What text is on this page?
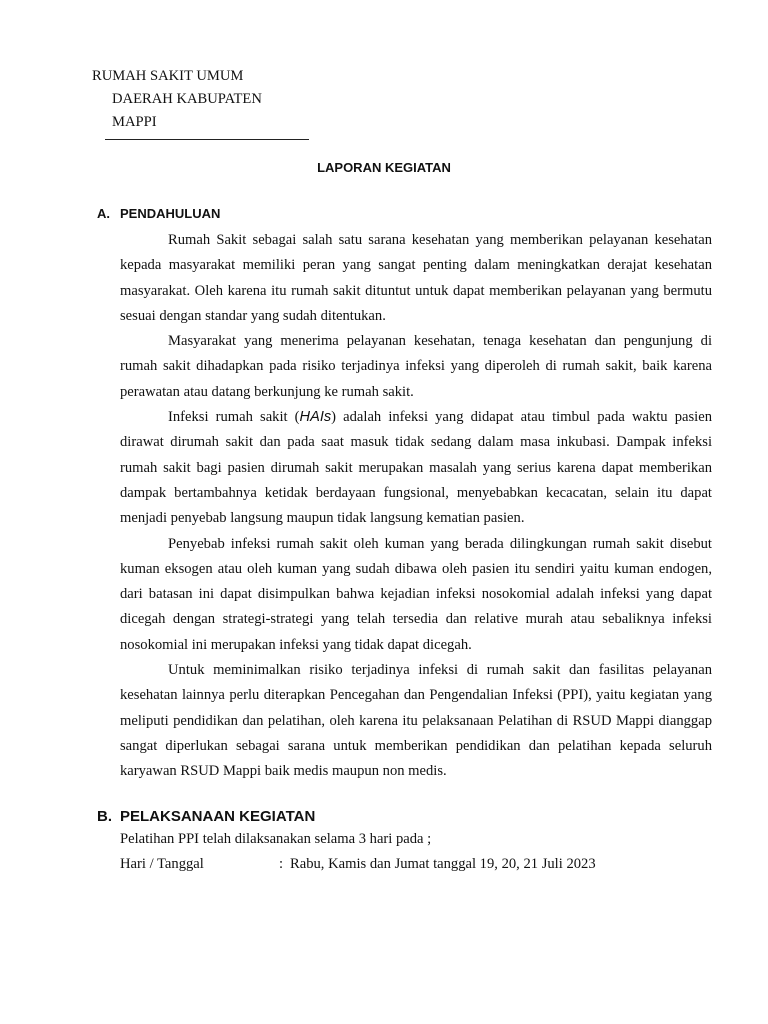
RUMAH SAKIT UMUM
DAERAH KABUPATEN
MAPPI
LAPORAN KEGIATAN
A. PENDAHULUAN

Rumah Sakit sebagai salah satu sarana kesehatan yang memberikan pelayanan kesehatan kepada masyarakat memiliki peran yang sangat penting dalam meningkatkan derajat kesehatan masyarakat. Oleh karena itu rumah sakit dituntut untuk dapat memberikan pelayanan yang bermutu sesuai dengan standar yang sudah ditentukan.

Masyarakat yang menerima pelayanan kesehatan, tenaga kesehatan dan pengunjung di rumah sakit dihadapkan pada risiko terjadinya infeksi yang diperoleh di rumah sakit, baik karena perawatan atau datang berkunjung ke rumah sakit.

Infeksi rumah sakit (HAIs) adalah infeksi yang didapat atau timbul pada waktu pasien dirawat dirumah sakit dan pada saat masuk tidak sedang dalam masa inkubasi. Dampak infeksi rumah sakit bagi pasien dirumah sakit merupakan masalah yang serius karena dapat memberikan dampak bertambahnya ketidak berdayaan fungsional, menyebabkan kecacatan, selain itu dapat menjadi penyebab langsung maupun tidak langsung kematian pasien.

Penyebab infeksi rumah sakit oleh kuman yang berada dilingkungan rumah sakit disebut kuman eksogen atau oleh kuman yang sudah dibawa oleh pasien itu sendiri yaitu kuman endogen, dari batasan ini dapat disimpulkan bahwa kejadian infeksi nosokomial adalah infeksi yang dapat dicegah dengan strategi-strategi yang telah tersedia dan relative murah atau sebaliknya infeksi nosokomial ini merupakan infeksi yang tidak dapat dicegah.

Untuk meminimalkan risiko terjadinya infeksi di rumah sakit dan fasilitas pelayanan kesehatan lainnya perlu diterapkan Pencegahan dan Pengendalian Infeksi (PPI), yaitu kegiatan yang meliputi pendidikan dan pelatihan, oleh karena itu pelaksanaan Pelatihan di RSUD Mappi dianggap sangat diperlukan sebagai sarana untuk memberikan pendidikan dan pelatihan kepada seluruh karyawan RSUD Mappi baik medis maupun non medis.

B. PELAKSANAAN KEGIATAN
Pelatihan PPI telah dilaksanakan selama 3 hari pada ;
Hari / Tanggal	: Rabu, Kamis dan Jumat tanggal 19, 20, 21 Juli 2023
